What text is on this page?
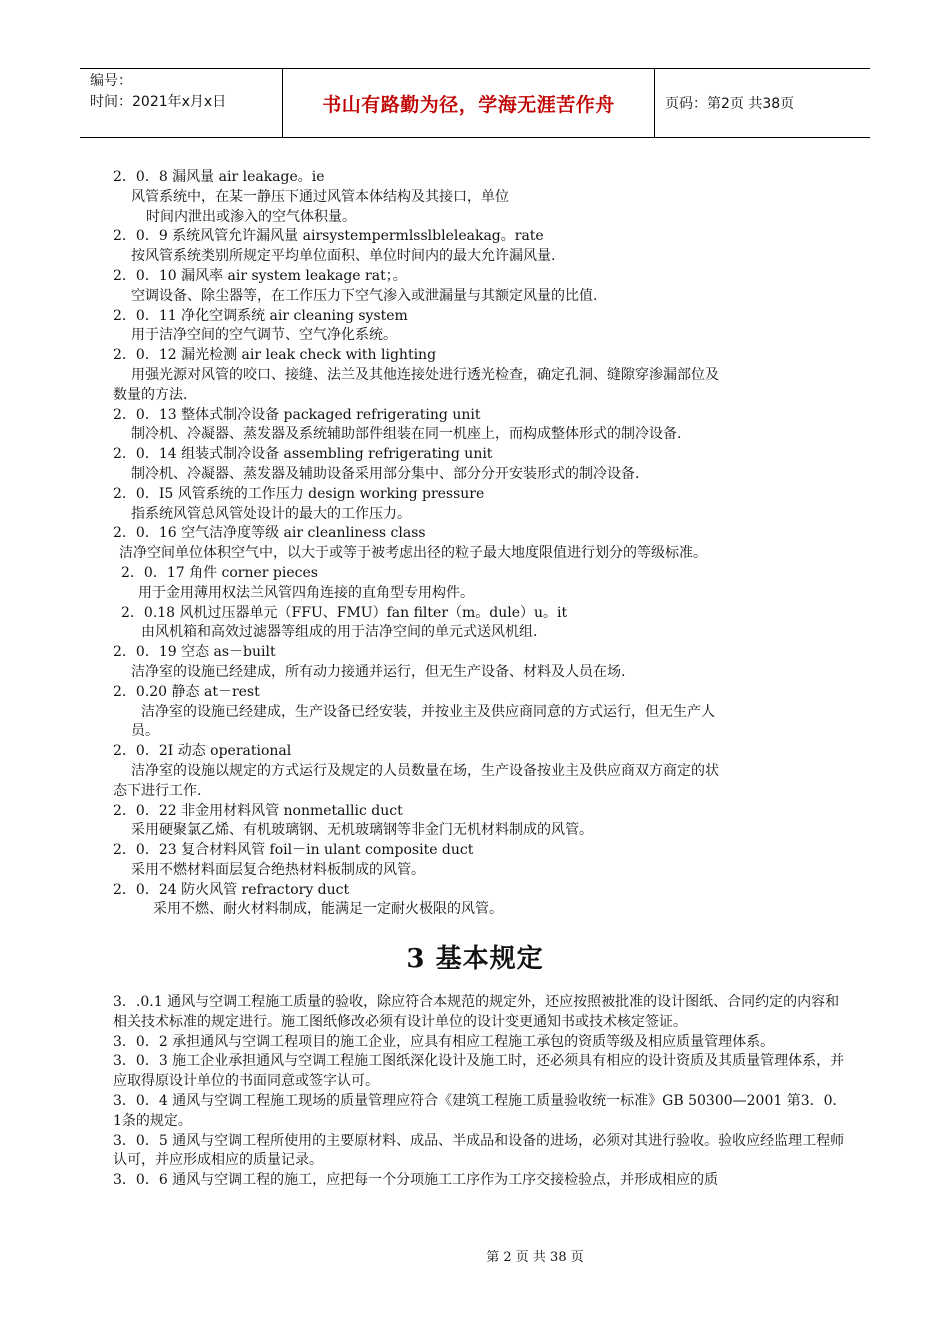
编号：
时间：2021年x月x日	书山有路勤为径，学海无涯苦作舟	页码：第2页 共38页

2．0．8 漏风量 air leakage。ie

风管系统中，在某一静压下通过风管本体结构及其接口，单位

时间内泄出或渗入的空气体积量。

2．0．9 系统风管允许漏风量 airsystempermlsslbleleakag。rate

按风管系统类别所规定平均单位面积、单位时间内的最大允许漏风量.

2．0．10 漏风率 air system leakage rat；。

空调设备、除尘器等，在工作压力下空气渗入或泄漏量与其额定风量的比值.

2．0．11 净化空调系统 air cleaning system

用于洁净空间的空气调节、空气净化系统。

2．0．12 漏光检测 air leak check with lighting

用强光源对风管的咬口、接缝、法兰及其他连接处进行透光检查，确定孔洞、缝隙穿渗漏部位及

数量的方法.

2．0．13 整体式制冷设备 packaged refrigerating unit

制冷机、冷凝器、蒸发器及系统辅助部件组装在同一机座上，而构成整体形式的制冷设备.

2．0．14 组装式制冷设备 assembling refrigerating unit

制冷机、冷凝器、蒸发器及辅助设备采用部分集中、部分分开安装形式的制冷设备.

2．0．I5 风管系统的工作压力 design working pressure

指系统风管总风管处设计的最大的工作压力。

2．0．16 空气洁净度等级 air cleanliness class

洁净空间单位体积空气中，以大于或等于被考虑出径的粒子最大地度限值进行划分的等级标准。

2．0．17 角件 corner pieces

用于金用薄用权法兰风管四角连接的直角型专用构件。

2．0.18 风机过压器单元（FFU、FMU）fan filter（m。dule）u。it

由风机箱和高效过滤器等组成的用于洁净空间的单元式送风机组.

2．0．19 空态 as－built

洁净室的设施已经建成，所有动力接通并运行，但无生产设备、材料及人员在场.

2．0.20 静态 at－rest

洁净室的设施已经建成，生产设备已经安装，并按业主及供应商同意的方式运行，但无生产人

员。

2．0．2I 动态 operational

洁净室的设施以规定的方式运行及规定的人员数量在场，生产设备按业主及供应商双方商定的状

态下进行工作.

2．0．22 非金用材料风管 nonmetallic duct

采用硬聚氯乙烯、有机玻璃钢、无机玻璃钢等非金门无机材料制成的风管。

2．0．23 复合材料风管 foil－in ulant composite duct

采用不燃材料面层复合绝热材料板制成的风管。

2．0．24 防火风管 refractory duct

采用不燃、耐火材料制成，能满足一定耐火极限的风管。

3 基本规定

3．.0.1 通风与空调工程施工质量的验收，除应符合本规范的规定外，还应按照被批准的设计图纸、合同约定的内容和相关技术标准的规定进行。施工图纸修改必须有设计单位的设计变更通知书或技术核定签证。

3．0．2 承担通风与空调工程项目的施工企业，应具有相应工程施工承包的资质等级及相应质量管理体系。

3．0．3 施工企业承担通风与空调工程施工图纸深化设计及施工时，还必须具有相应的设计资质及其质量管理体系，并应取得原设计单位的书面同意或签字认可。

3．0．4 通风与空调工程施工现场的质量管理应符合《建筑工程施工质量验收统一标准》GB 50300—2001 第3．0．1条的规定。

3．0．5 通风与空调工程所使用的主要原材料、成品、半成品和设备的进场，必须对其进行验收。验收应经监理工程师认可，并应形成相应的质量记录。

3．0．6 通风与空调工程的施工，应把每一个分项施工工序作为工序交接检验点，并形成相应的质

第 2 页 共 38 页
